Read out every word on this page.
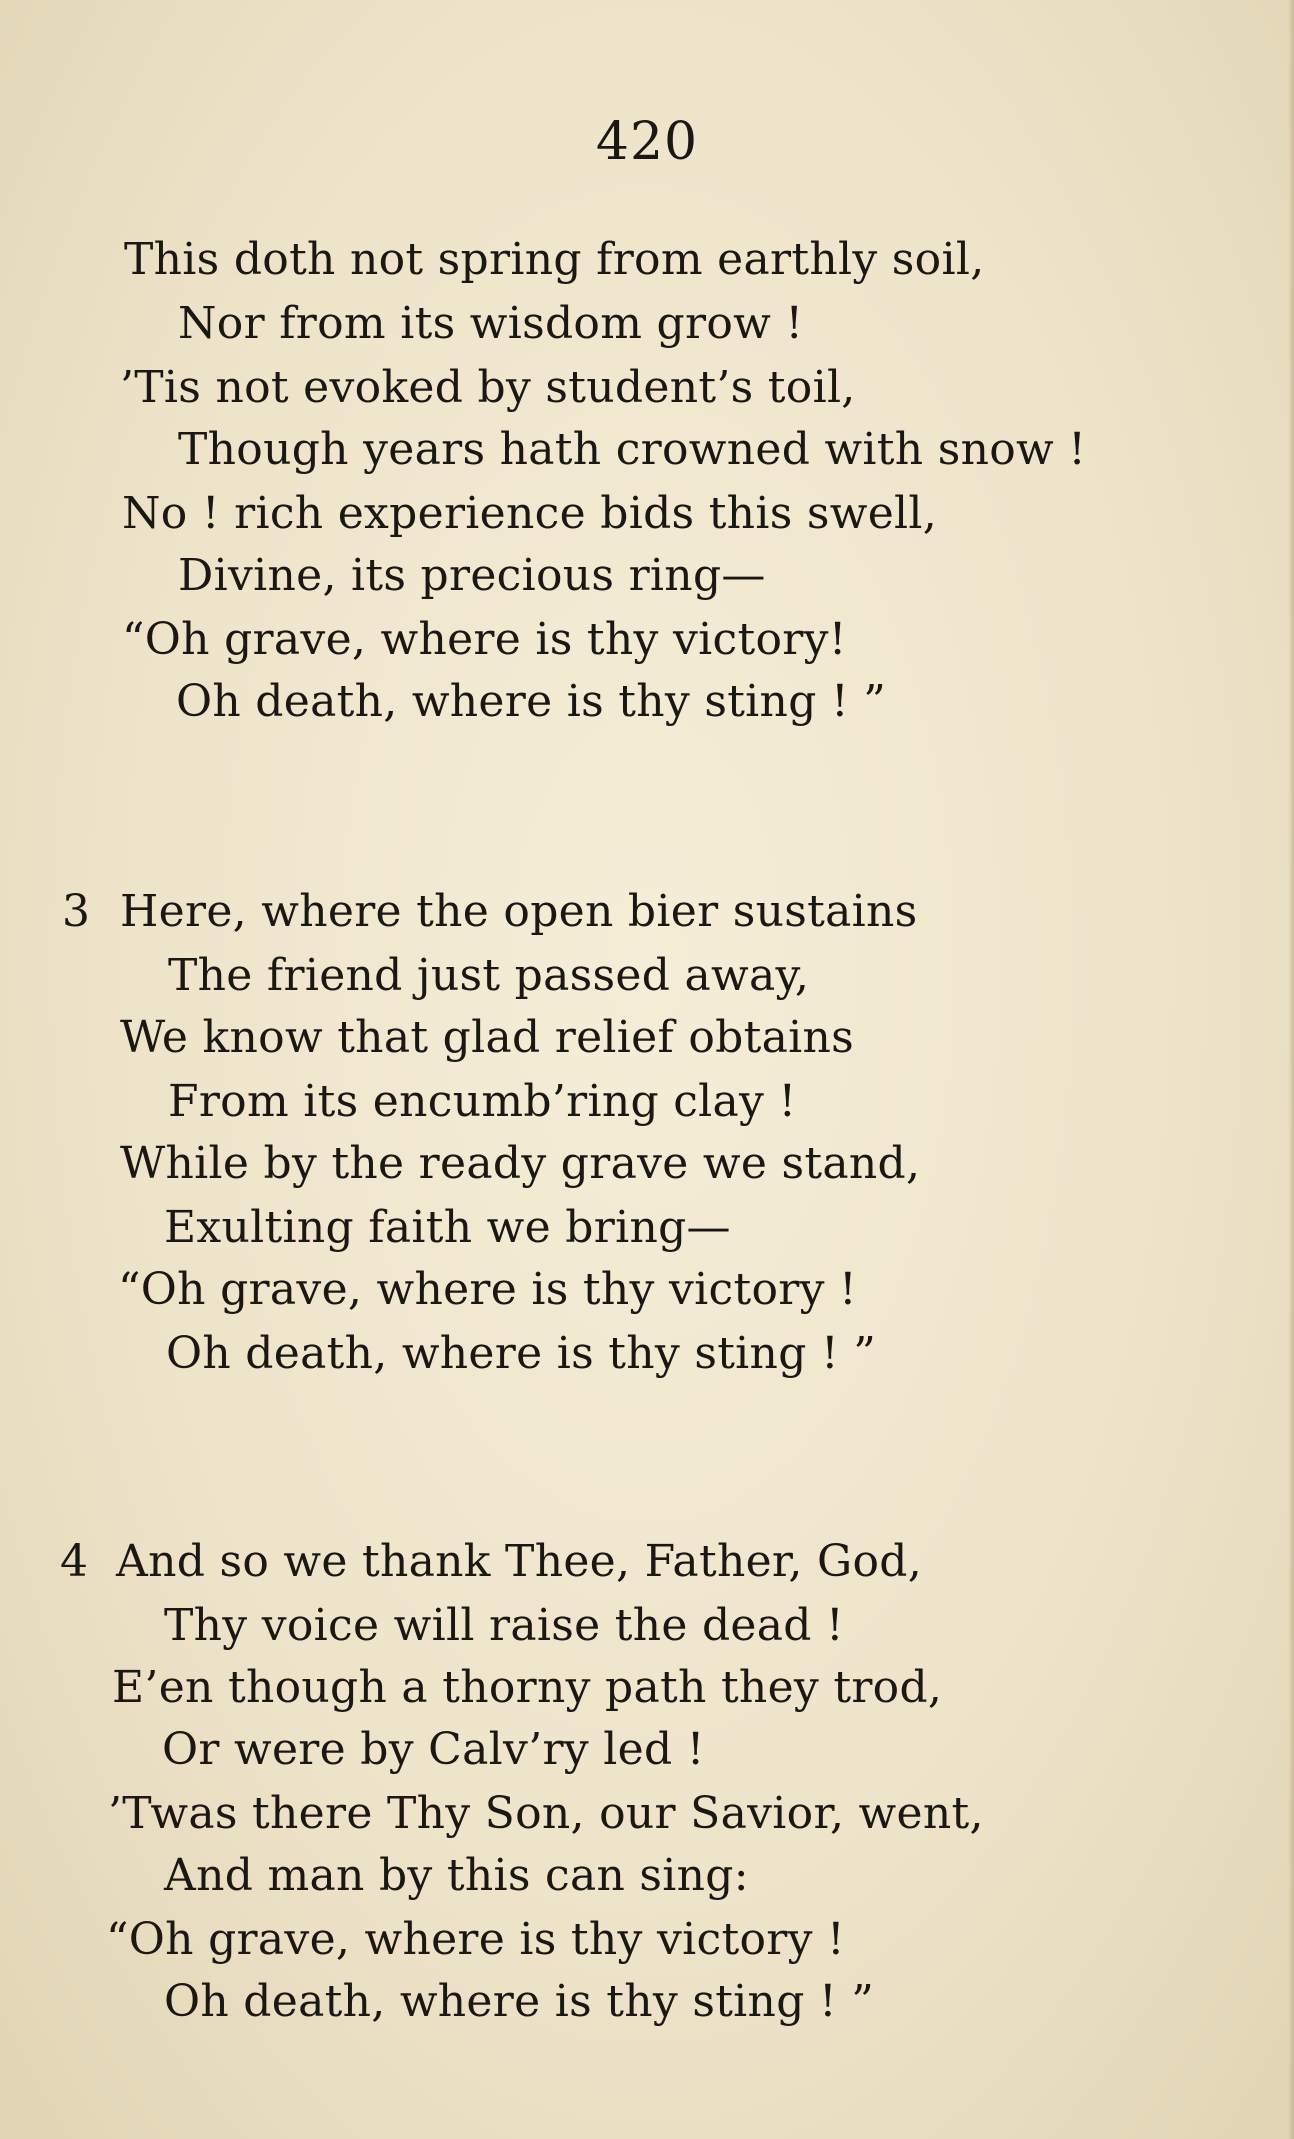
420
This doth not spring from earthly soil,
Nor from its wisdom grow !
’Tis not evoked by student’s toil,
Though years hath crowned with snow !
No ! rich experience bids this swell,
Divine, its precious ring—
“Oh grave, where is thy victory!
Oh death, where is thy sting ! ”
3 Here, where the open bier sustains
The friend just passed away,
We know that glad relief obtains
From its encumb’ring clay !
While by the ready grave we stand,
Exulting faith we bring—
“Oh grave, where is thy victory !
Oh death, where is thy sting ! ”
4 And so we thank Thee, Father, God,
Thy voice will raise the dead !
E’en though a thorny path they trod,
Or were by Calv’ry led !
’Twas there Thy Son, our Savior, went,
And man by this can sing:
“Oh grave, where is thy victory !
Oh death, where is thy sting ! ”
